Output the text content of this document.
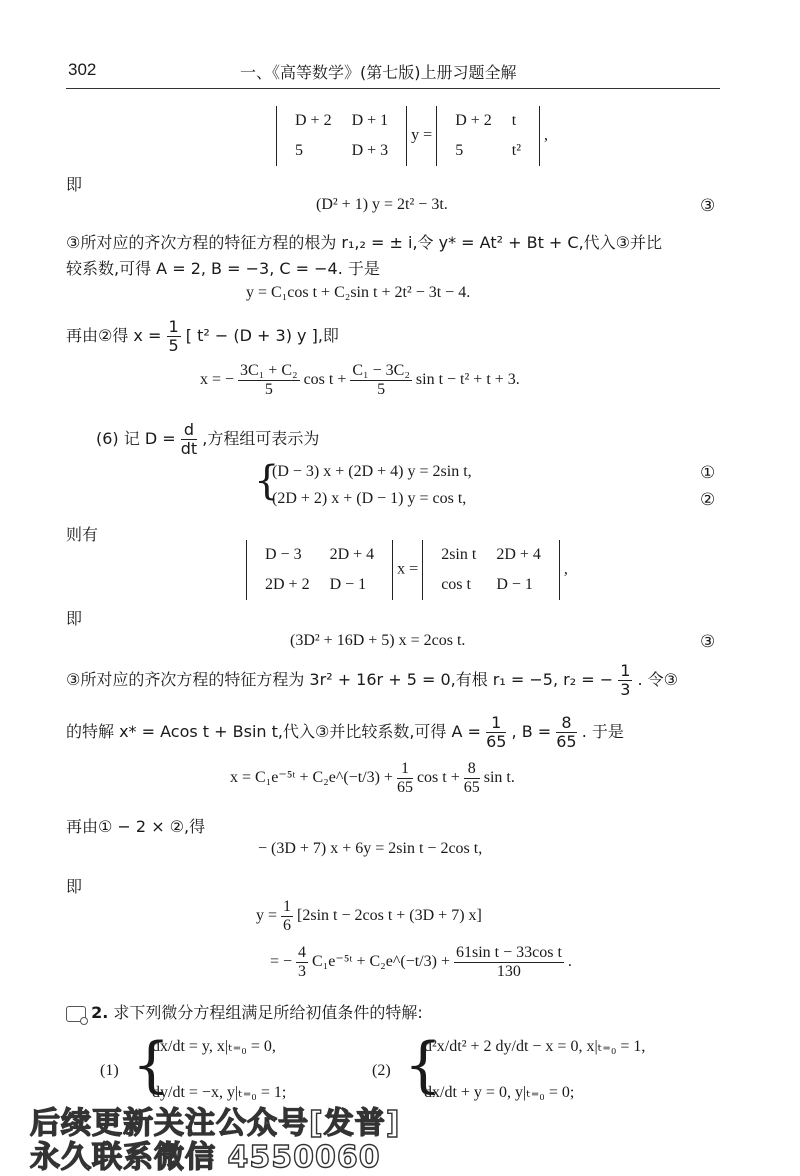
302	一、《高等数学》(第七版)上册习题全解
D + 2	D + 1
5	D + 3
y =
D + 2	t
5	t²
,
即
(D² + 1) y = 2t² − 3t.	③
③所对应的齐次方程的特征方程的根为 r₁,₂ = ± i,令 y* = At² + Bt + C,代入③并比
较系数,可得 A = 2, B = −3, C = −4. 于是
y = C₁cos t + C₂sin t + 2t² − 3t − 4.
再由②得 $x = \frac{1}{5}$ [ t² − (D + 3) y ],即
x = − $\frac{\text{3C₁ + C₂}}{5}$ $\cos t + \frac{\text{C₁ − 3C₂}}{5}$ sin t − t² + t + 3.
(6) 记 $D = \frac{d}{dt}$ ,方程组可表示为
{
(D − 3) x + (2D + 4) y = 2sin t,
(2D + 2) x + (D − 1) y = cos t,
①
②
则有
D − 3	2D + 4
2D + 2	D − 1
x =
2sin t	2D + 4
cos t	D − 1
,
即
(3D² + 16D + 5) x = 2cos t.	③
③所对应的齐次方程的特征方程为 3r² + 16r + 5 = 0,有根 r₁ = −5, r₂ = − $\frac{1}{3}$ . 令③
的特解 x* = Acos t + Bsin t,代入③并比较系数,可得 $A = \frac{1}{65}$ , $B = \frac{8}{65}$ . 于是
x = C₁e⁻⁵ᵗ + C₂e^(−t/3) + $\frac{1}{65}$ $\cos t + \frac{8}{65}$ sin t.
再由① − 2 × ②,得
− (3D + 7) x + 6y = 2sin t − 2cos t,
即
$y = \frac{1}{6} [2\sin$ t − 2cos t + (3D + 7) x]
= − $\frac{4}{3}$ C₁e⁻⁵ᵗ + C₂e^(−t/3) + $\frac{\text{61sin t − 33cos t}}{130}$ .
2. 求下列微分方程组满足所给初值条件的特解:
(1) {
dx/dt = y, x|ₜ₌₀ = 0,
dy/dt = −x, y|ₜ₌₀ = 1;
(2) {
d²x/dt² + 2 dy/dt − x = 0, x|ₜ₌₀ = 1,
dx/dt + y = 0, y|ₜ₌₀ = 0;
后续更新关注公众号[发普]
永久联系微信 4550060
